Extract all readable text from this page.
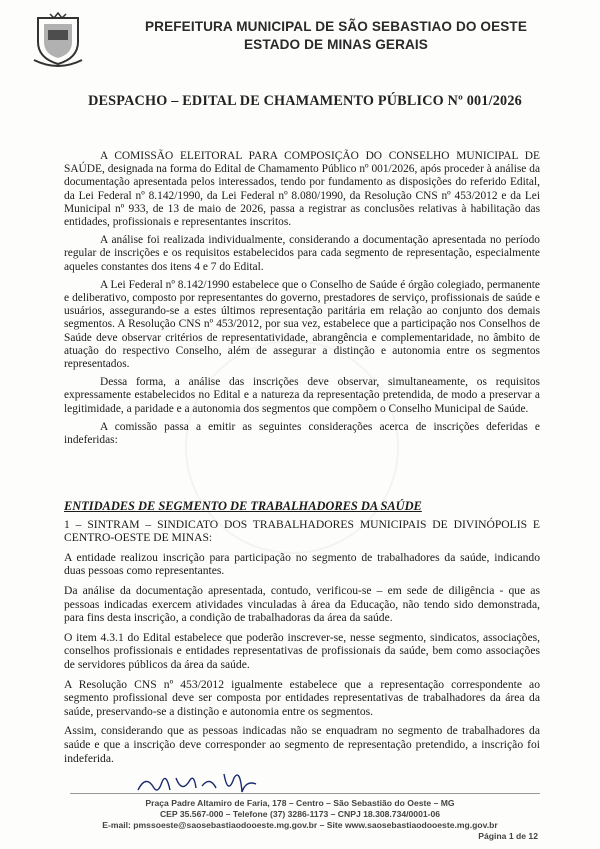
PREFEITURA MUNICIPAL DE SÃO SEBASTIAO DO OESTE
ESTADO DE MINAS GERAIS
DESPACHO – EDITAL DE CHAMAMENTO PÚBLICO Nº 001/2026

A COMISSÃO ELEITORAL PARA COMPOSIÇÃO DO CONSELHO MUNICIPAL DE SAÚDE, designada na forma do Edital de Chamamento Público nº 001/2026, após proceder à análise da documentação apresentada pelos interessados, tendo por fundamento as disposições do referido Edital, da Lei Federal nº 8.142/1990, da Lei Federal nº 8.080/1990, da Resolução CNS nº 453/2012 e da Lei Municipal nº 933, de 13 de maio de 2026, passa a registrar as conclusões relativas à habilitação das entidades, profissionais e representantes inscritos.

A análise foi realizada individualmente, considerando a documentação apresentada no período regular de inscrições e os requisitos estabelecidos para cada segmento de representação, especialmente aqueles constantes dos itens 4 e 7 do Edital.

A Lei Federal nº 8.142/1990 estabelece que o Conselho de Saúde é órgão colegiado, permanente e deliberativo, composto por representantes do governo, prestadores de serviço, profissionais de saúde e usuários, assegurando-se a estes últimos representação paritária em relação ao conjunto dos demais segmentos. A Resolução CNS nº 453/2012, por sua vez, estabelece que a participação nos Conselhos de Saúde deve observar critérios de representatividade, abrangência e complementaridade, no âmbito de atuação do respectivo Conselho, além de assegurar a distinção e autonomia entre os segmentos representados.

Dessa forma, a análise das inscrições deve observar, simultaneamente, os requisitos expressamente estabelecidos no Edital e a natureza da representação pretendida, de modo a preservar a legitimidade, a paridade e a autonomia dos segmentos que compõem o Conselho Municipal de Saúde.

A comissão passa a emitir as seguintes considerações acerca de inscrições deferidas e indeferidas:

ENTIDADES DE SEGMENTO DE TRABALHADORES DA SAÚDE

1 – SINTRAM – SINDICATO DOS TRABALHADORES MUNICIPAIS DE DIVINÓPOLIS E CENTRO-OESTE DE MINAS:

A entidade realizou inscrição para participação no segmento de trabalhadores da saúde, indicando duas pessoas como representantes.

Da análise da documentação apresentada, contudo, verificou-se – em sede de diligência - que as pessoas indicadas exercem atividades vinculadas à área da Educação, não tendo sido demonstrada, para fins desta inscrição, a condição de trabalhadoras da área da saúde.

O item 4.3.1 do Edital estabelece que poderão inscrever-se, nesse segmento, sindicatos, associações, conselhos profissionais e entidades representativas de profissionais da saúde, bem como associações de servidores públicos da área da saúde.

A Resolução CNS nº 453/2012 igualmente estabelece que a representação correspondente ao segmento profissional deve ser composta por entidades representativas de trabalhadores da área da saúde, preservando-se a distinção e autonomia entre os segmentos.

Assim, considerando que as pessoas indicadas não se enquadram no segmento de trabalhadores da saúde e que a inscrição deve corresponder ao segmento de representação pretendido, a inscrição foi indeferida.

Praça Padre Altamiro de Faria, 178 – Centro – São Sebastião do Oeste – MG
CEP 35.567-000 – Telefone (37) 3286-1173 – CNPJ 18.308.734/0001-06
E-mail: pmssoeste@saosebastiaodooeste.mg.gov.br – Site www.saosebastiaodooeste.mg.gov.br
Página 1 de 12
